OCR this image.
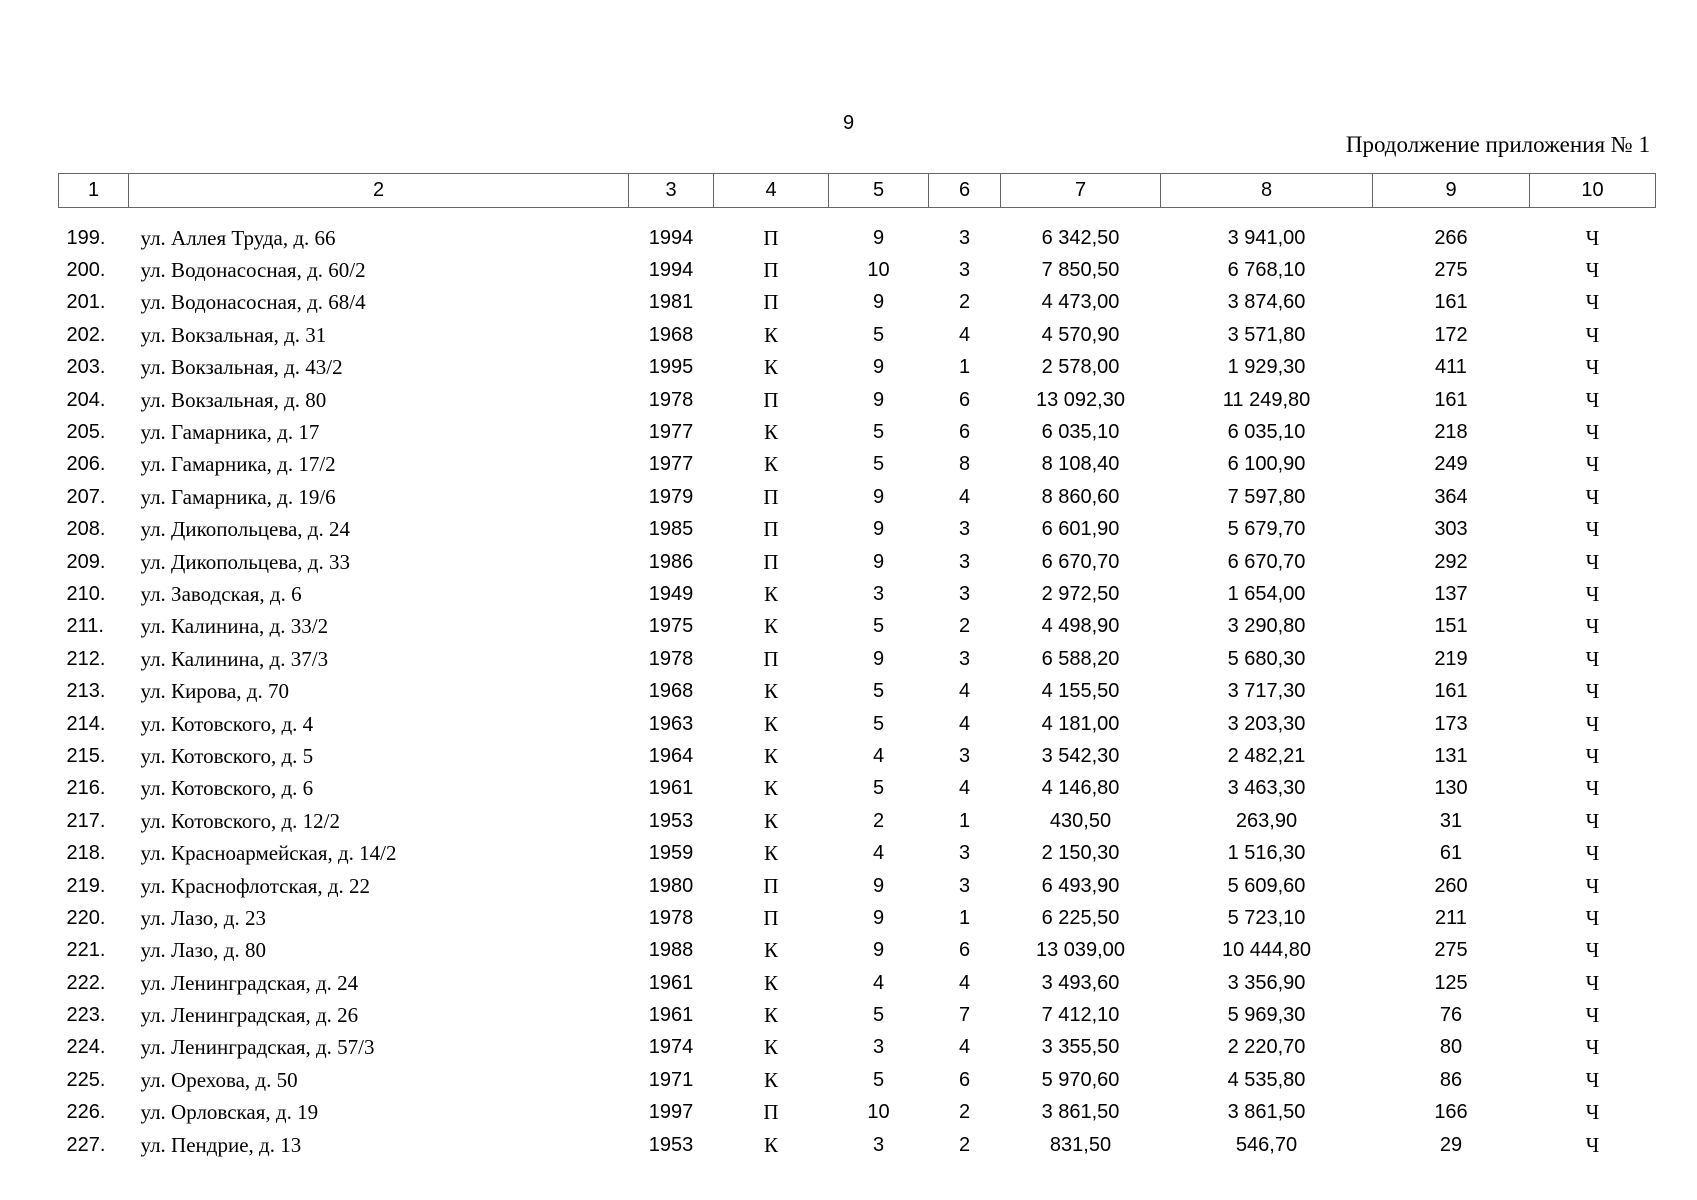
9
Продолжение приложения № 1
1	2	3	4	5	6	7	8	9	10
199.	ул. Аллея Труда, д. 66	1994	П	9	3	6 342,50	3 941,00	266	Ч
200.	ул. Водонасосная, д. 60/2	1994	П	10	3	7 850,50	6 768,10	275	Ч
201.	ул. Водонасосная, д. 68/4	1981	П	9	2	4 473,00	3 874,60	161	Ч
202.	ул. Вокзальная, д. 31	1968	К	5	4	4 570,90	3 571,80	172	Ч
203.	ул. Вокзальная, д. 43/2	1995	К	9	1	2 578,00	1 929,30	411	Ч
204.	ул. Вокзальная, д. 80	1978	П	9	6	13 092,30	11 249,80	161	Ч
205.	ул. Гамарника, д. 17	1977	К	5	6	6 035,10	6 035,10	218	Ч
206.	ул. Гамарника, д. 17/2	1977	К	5	8	8 108,40	6 100,90	249	Ч
207.	ул. Гамарника, д. 19/6	1979	П	9	4	8 860,60	7 597,80	364	Ч
208.	ул. Дикопольцева, д. 24	1985	П	9	3	6 601,90	5 679,70	303	Ч
209.	ул. Дикопольцева, д. 33	1986	П	9	3	6 670,70	6 670,70	292	Ч
210.	ул. Заводская, д. 6	1949	К	3	3	2 972,50	1 654,00	137	Ч
211.	ул. Калинина, д. 33/2	1975	К	5	2	4 498,90	3 290,80	151	Ч
212.	ул. Калинина, д. 37/3	1978	П	9	3	6 588,20	5 680,30	219	Ч
213.	ул. Кирова, д. 70	1968	К	5	4	4 155,50	3 717,30	161	Ч
214.	ул. Котовского, д. 4	1963	К	5	4	4 181,00	3 203,30	173	Ч
215.	ул. Котовского, д. 5	1964	К	4	3	3 542,30	2 482,21	131	Ч
216.	ул. Котовского, д. 6	1961	К	5	4	4 146,80	3 463,30	130	Ч
217.	ул. Котовского, д. 12/2	1953	К	2	1	430,50	263,90	31	Ч
218.	ул. Красноармейская, д. 14/2	1959	К	4	3	2 150,30	1 516,30	61	Ч
219.	ул. Краснофлотская, д. 22	1980	П	9	3	6 493,90	5 609,60	260	Ч
220.	ул. Лазо, д. 23	1978	П	9	1	6 225,50	5 723,10	211	Ч
221.	ул. Лазо, д. 80	1988	К	9	6	13 039,00	10 444,80	275	Ч
222.	ул. Ленинградская, д. 24	1961	К	4	4	3 493,60	3 356,90	125	Ч
223.	ул. Ленинградская, д. 26	1961	К	5	7	7 412,10	5 969,30	76	Ч
224.	ул. Ленинградская, д. 57/3	1974	К	3	4	3 355,50	2 220,70	80	Ч
225.	ул. Орехова, д. 50	1971	К	5	6	5 970,60	4 535,80	86	Ч
226.	ул. Орловская, д. 19	1997	П	10	2	3 861,50	3 861,50	166	Ч
227.	ул. Пендрие, д. 13	1953	К	3	2	831,50	546,70	29	Ч
